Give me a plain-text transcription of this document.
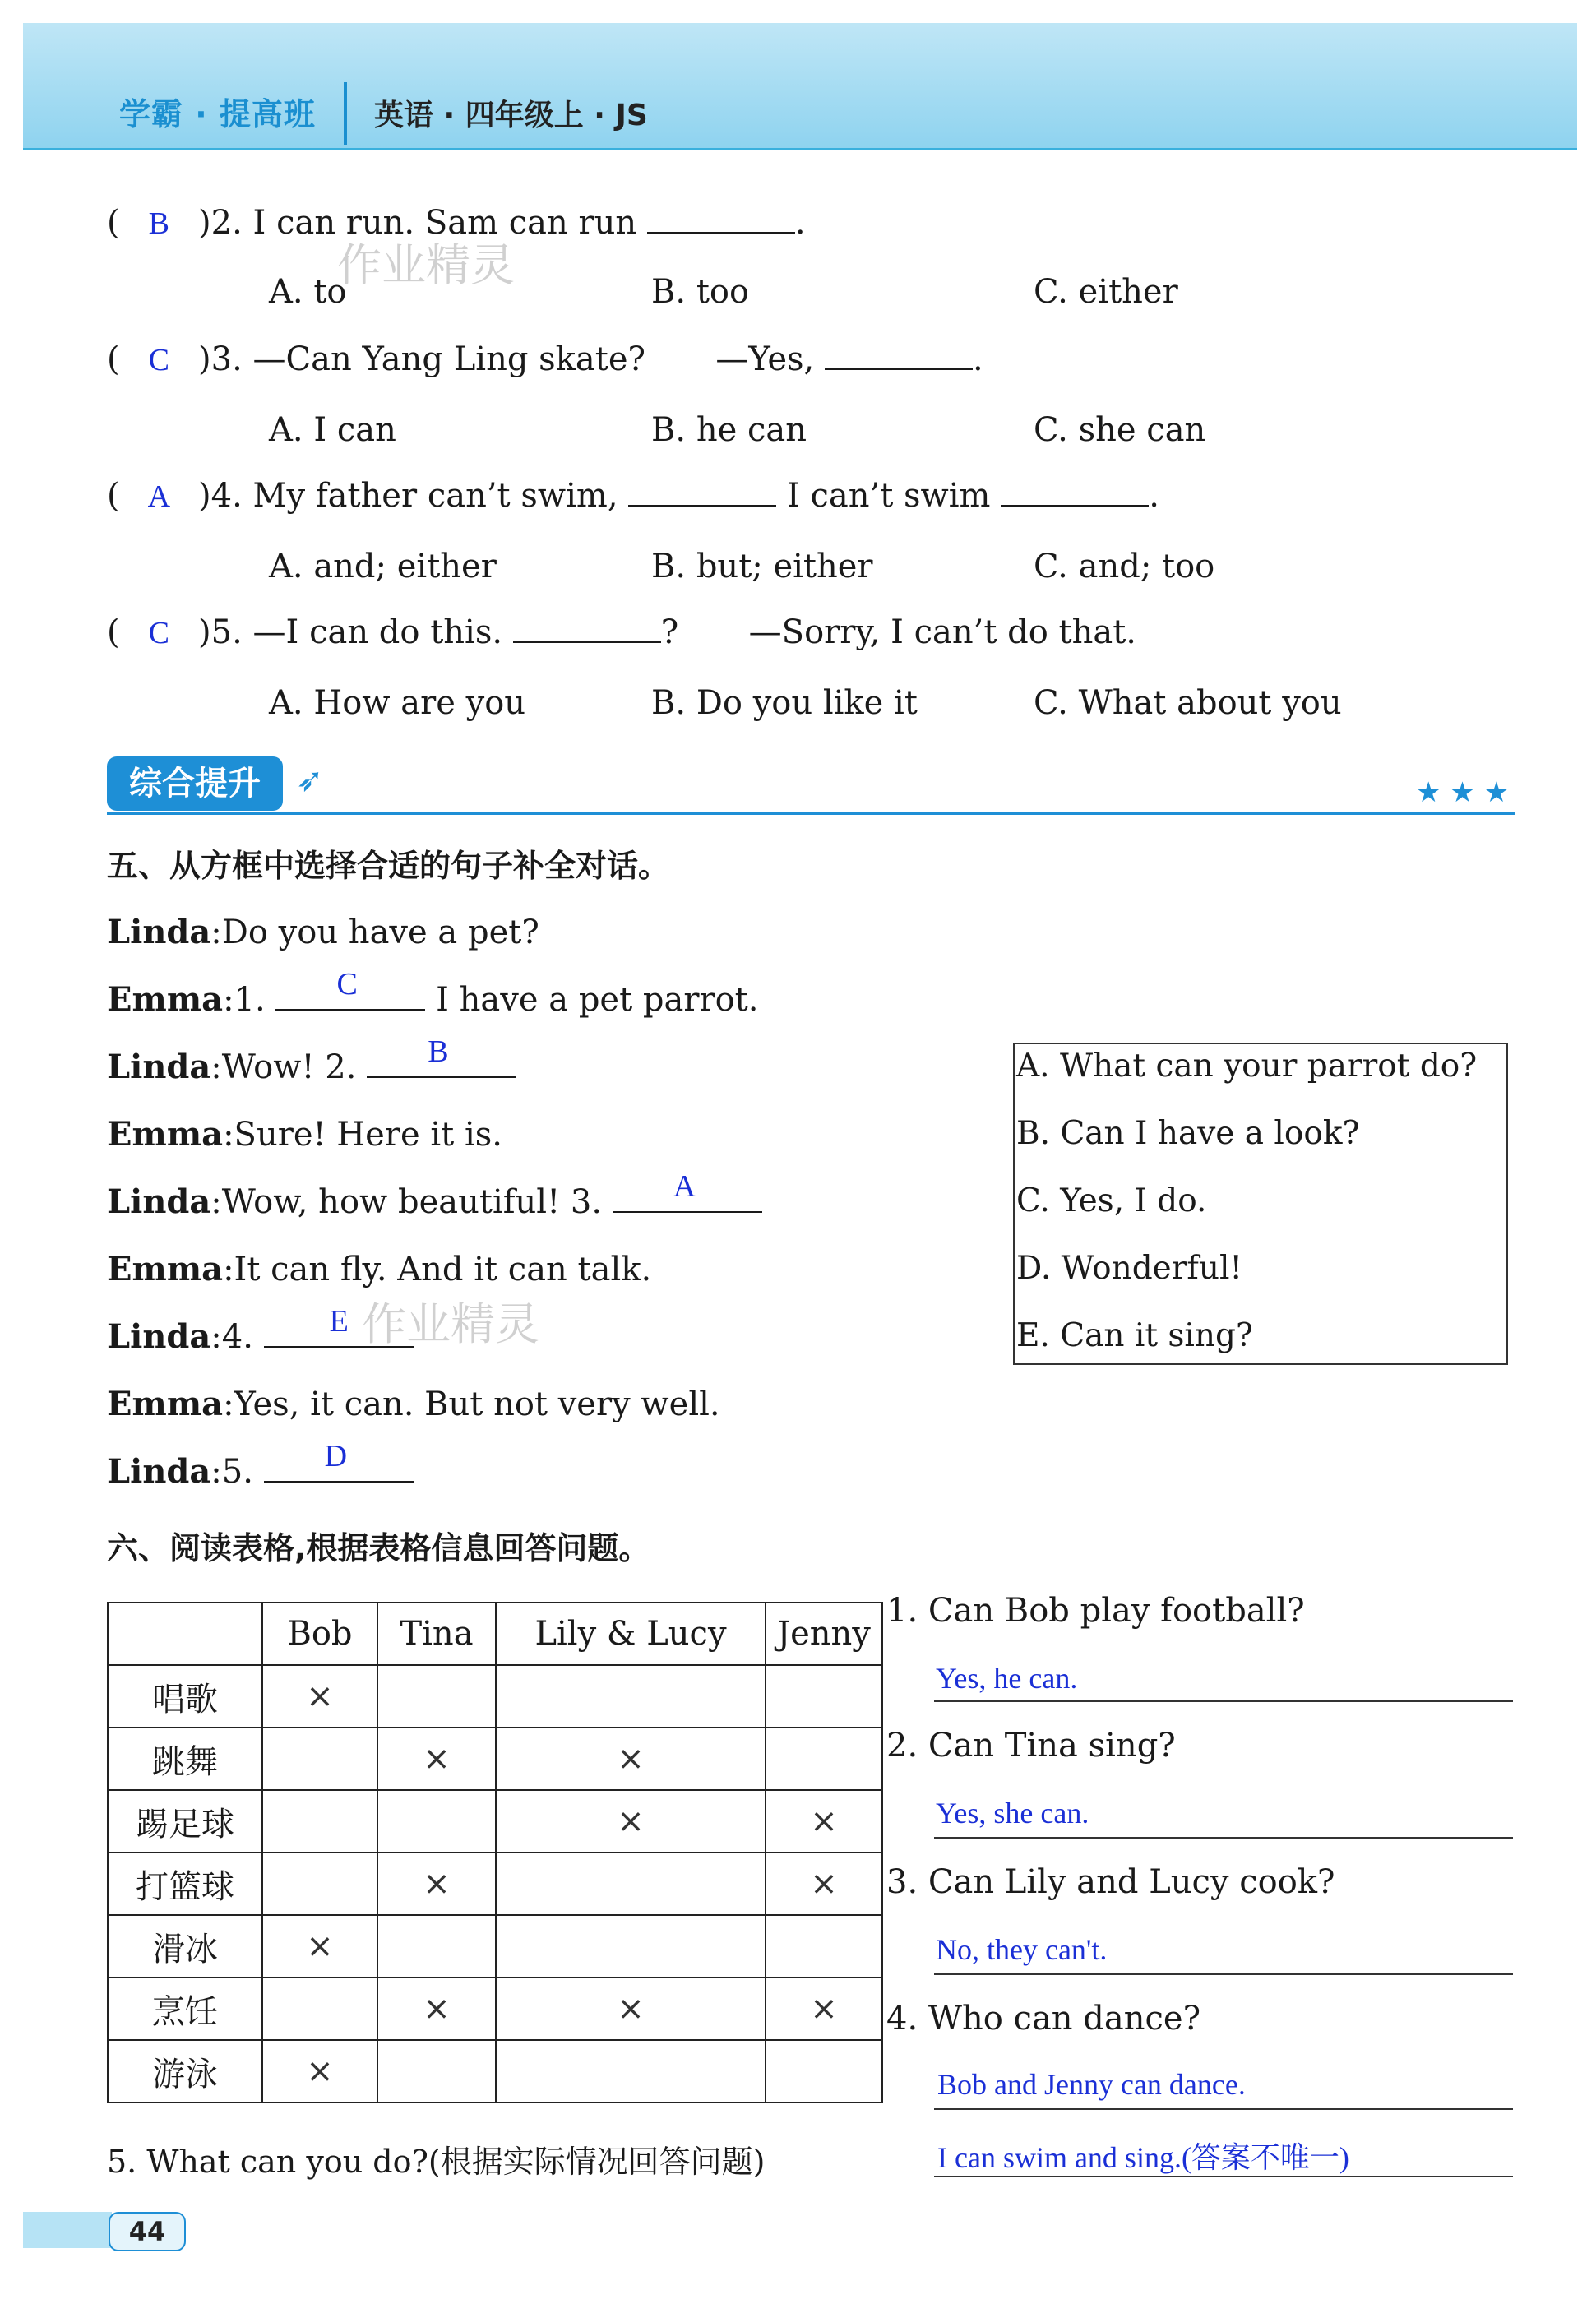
学霸 · 提高班 英语 · 四年级上 · JS
( B )2. I can run. Sam can run	.
A. to	B. too	C. either
( C )3. —Can Yang Ling skate? —Yes,	.
A. I can	B. he can	C. she can
( A )4. My father can’t swim,	I can’t swim	.
A. and; either	B. but; either	C. and; too
( C )5. —I can do this.	? —Sorry, I can’t do that.
A. How are you	B. Do you like it	C. What about you
综合提升	➶	★ ★ ★
五、从方框中选择合适的句子补全对话。
Linda:Do you have a pet?
Emma:1. C I have a pet parrot.
Linda:Wow! 2. B
Emma:Sure! Here it is.
Linda:Wow, how beautiful! 3. A
Emma:It can fly. And it can talk.
Linda:4. E
Emma:Yes, it can. But not very well.
Linda:5. D
A. What can your parrot do?
B. Can I have a look?
C. Yes, I do.
D. Wonderful!
E. Can it sing?
六、阅读表格,根据表格信息回答问题。
	Bob	Tina	Lily & Lucy	Jenny
唱歌	×			
跳舞		×	×	
踢足球			×	×
打篮球		×		×
滑冰	×			
烹饪		×	×	×
游泳	×			
1. Can Bob play football?
Yes, he can.
2. Can Tina sing?
Yes, she can.
3. Can Lily and Lucy cook?
No, they can't.
4. Who can dance?
Bob and Jenny can dance.
5. What can you do?(根据实际情况回答问题)	I can swim and sing.(答案不唯一)
作业精灵
作业精灵
44
